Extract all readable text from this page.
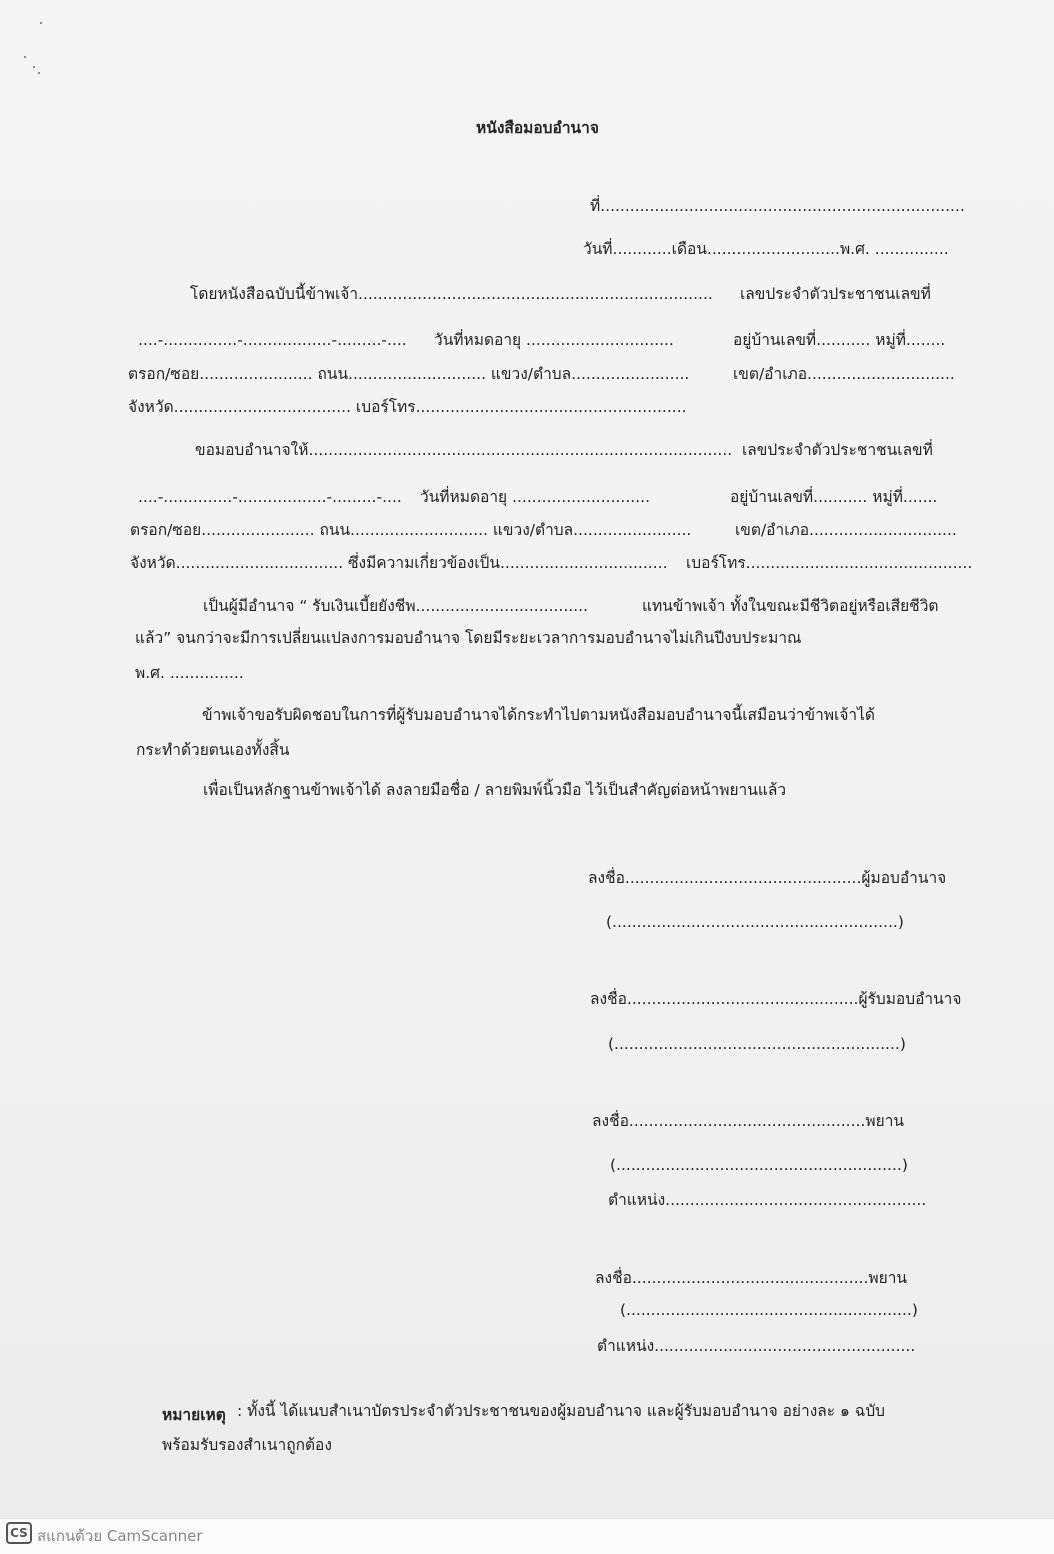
หนังสือมอบอำนาจ
ที่..........................................................................
วันที่............เดือน...........................พ.ศ. ...............
โดยหนังสือฉบับนี้ข้าพเจ้า........................................................................ เลขประจำตัวประชาชนเลขที่
....-...............-..................-.........-.... วันที่หมดอายุ ..............................	อยู่บ้านเลขที่........... หมู่ที่........
ตรอก/ซอย....................... ถนน............................ แขวง/ตำบล........................	เขต/อำเภอ..............................
จังหวัด.................................... เบอร์โทร.......................................................
ขอมอบอำนาจให้...................................................................................... เลขประจำตัวประชาชนเลขที่
....-..............-..................-.........-.... วันที่หมดอายุ ............................	อยู่บ้านเลขที่........... หมู่ที่.......
ตรอก/ซอย....................... ถนน............................ แขวง/ตำบล........................	เขต/อำเภอ..............................
จังหวัด.................................. ซึ่งมีความเกี่ยวข้องเป็น.................................. เบอร์โทร..............................................
เป็นผู้มีอำนาจ “ รับเงินเบี้ยยังชีพ...................................	แทนข้าพเจ้า ทั้งในขณะมีชีวิตอยู่หรือเสียชีวิต
แล้ว” จนกว่าจะมีการเปลี่ยนแปลงการมอบอำนาจ โดยมีระยะเวลาการมอบอำนาจไม่เกินปีงบประมาณ
พ.ศ. ...............
ข้าพเจ้าขอรับผิดชอบในการที่ผู้รับมอบอำนาจได้กระทำไปตามหนังสือมอบอำนาจนี้เสมือนว่าข้าพเจ้าได้
กระทำด้วยตนเองทั้งสิ้น
เพื่อเป็นหลักฐานข้าพเจ้าได้ ลงลายมือชื่อ / ลายพิมพ์นิ้วมือ ไว้เป็นสำคัญต่อหน้าพยานแล้ว
ลงชื่อ................................................ผู้มอบอำนาจ
(..........................................................)
ลงชื่อ...............................................ผู้รับมอบอำนาจ
(..........................................................)
ลงชื่อ................................................พยาน
(..........................................................)
ตำแหน่ง.....................................................
ลงชื่อ................................................พยาน
(..........................................................)
ตำแหน่ง.....................................................
หมายเหตุ : ทั้งนี้ ได้แนบสำเนาบัตรประจำตัวประชาชนของผู้มอบอำนาจ และผู้รับมอบอำนาจ อย่างละ ๑ ฉบับ
พร้อมรับรองสำเนาถูกต้อง
CS สแกนด้วย CamScanner
